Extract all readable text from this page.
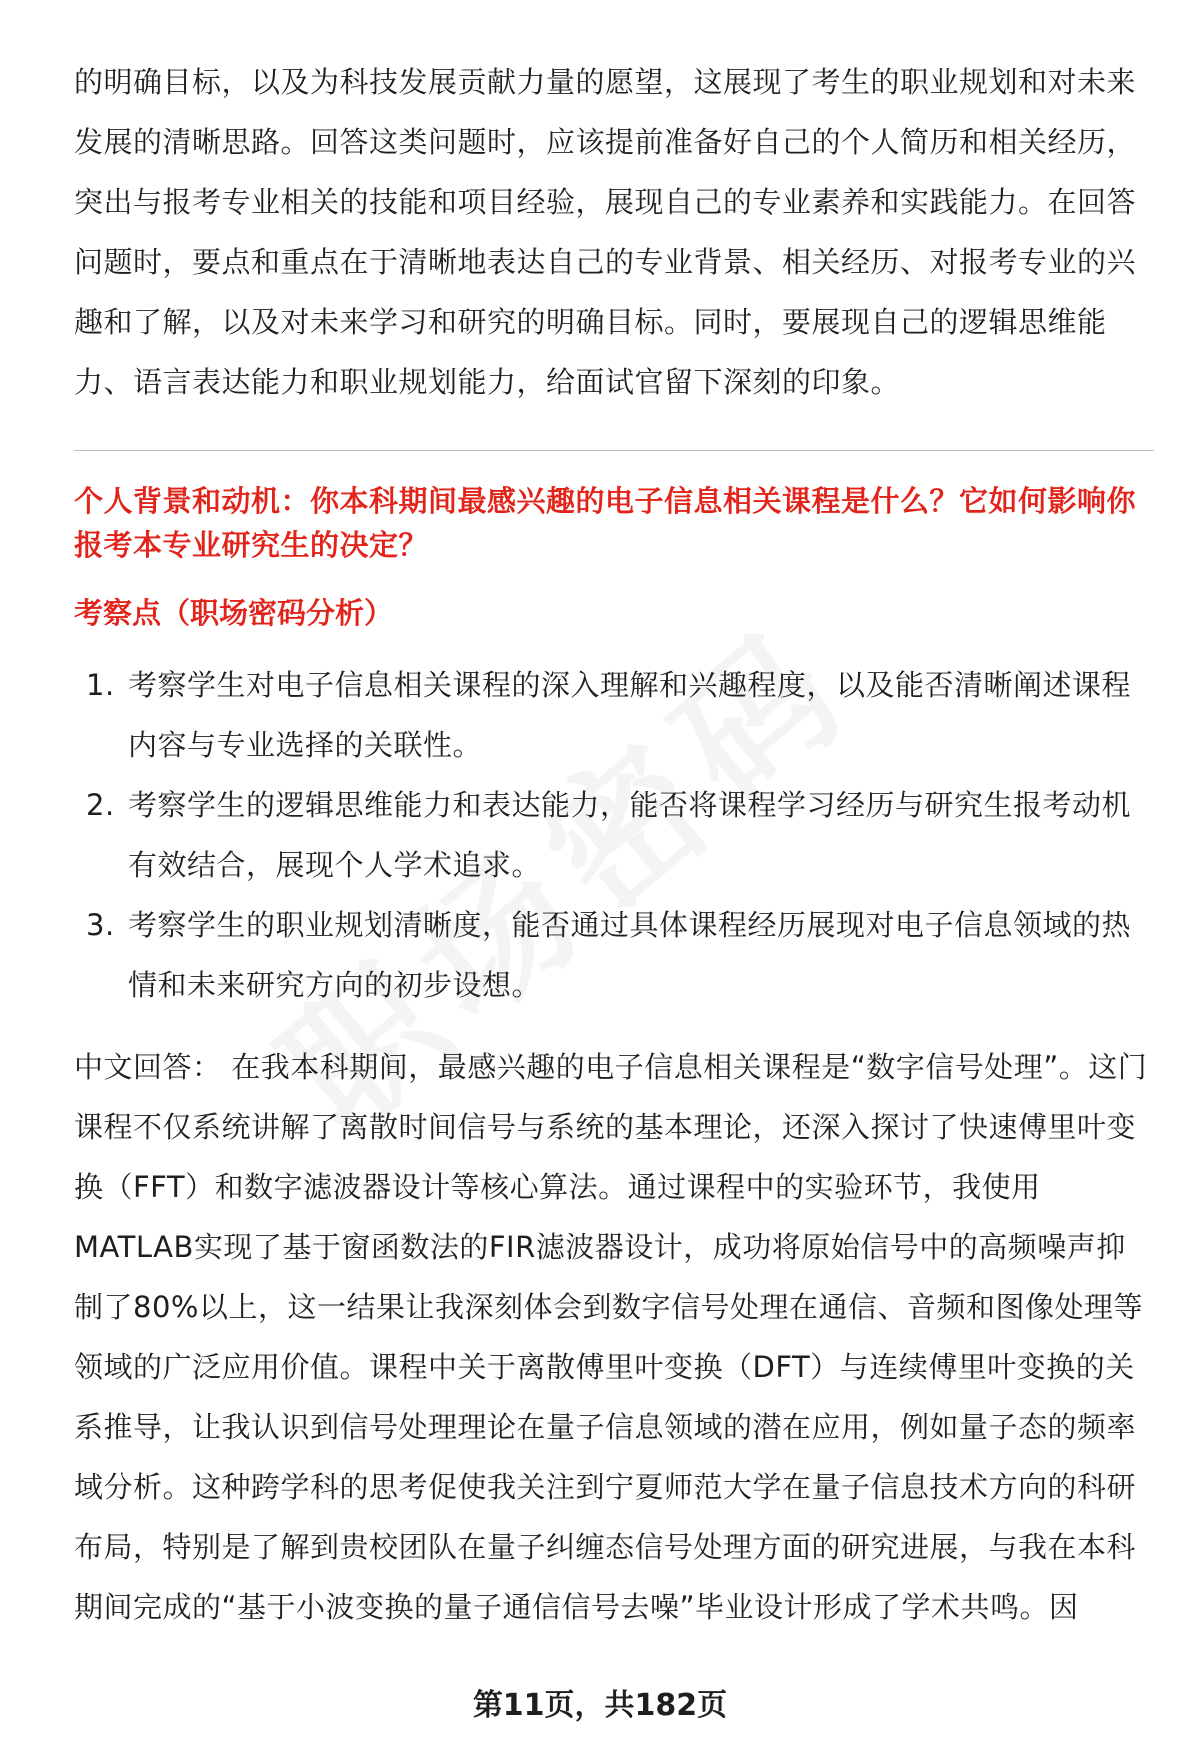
的明确目标，以及为科技发展贡献力量的愿望，这展现了考生的职业规划和对未来发展的清晰思路。回答这类问题时，应该提前准备好自己的个人简历和相关经历，突出与报考专业相关的技能和项目经验，展现自己的专业素养和实践能力。在回答问题时，要点和重点在于清晰地表达自己的专业背景、相关经历、对报考专业的兴趣和了解，以及对未来学习和研究的明确目标。同时，要展现自己的逻辑思维能力、语言表达能力和职业规划能力，给面试官留下深刻的印象。

个人背景和动机：你本科期间最感兴趣的电子信息相关课程是什么？它如何影响你报考本专业研究生的决定？

考察点（职场密码分析）
1. 考察学生对电子信息相关课程的深入理解和兴趣程度，以及能否清晰阐述课程内容与专业选择的关联性。
2. 考察学生的逻辑思维能力和表达能力，能否将课程学习经历与研究生报考动机有效结合，展现个人学术追求。
3. 考察学生的职业规划清晰度，能否通过具体课程经历展现对电子信息领域的热情和未来研究方向的初步设想。

中文回答： 在我本科期间，最感兴趣的电子信息相关课程是“数字信号处理”。这门课程不仅系统讲解了离散时间信号与系统的基本理论，还深入探讨了快速傅里叶变换（FFT）和数字滤波器设计等核心算法。通过课程中的实验环节，我使用MATLAB实现了基于窗函数法的FIR滤波器设计，成功将原始信号中的高频噪声抑制了80%以上，这一结果让我深刻体会到数字信号处理在通信、音频和图像处理等领域的广泛应用价值。课程中关于离散傅里叶变换（DFT）与连续傅里叶变换的关系推导，让我认识到信号处理理论在量子信息领域的潜在应用，例如量子态的频率域分析。这种跨学科的思考促使我关注到宁夏师范大学在量子信息技术方向的科研布局，特别是了解到贵校团队在量子纠缠态信号处理方面的研究进展，与我在本科期间完成的“基于小波变换的量子通信信号去噪”毕业设计形成了学术共鸣。因

第11页，共182页
